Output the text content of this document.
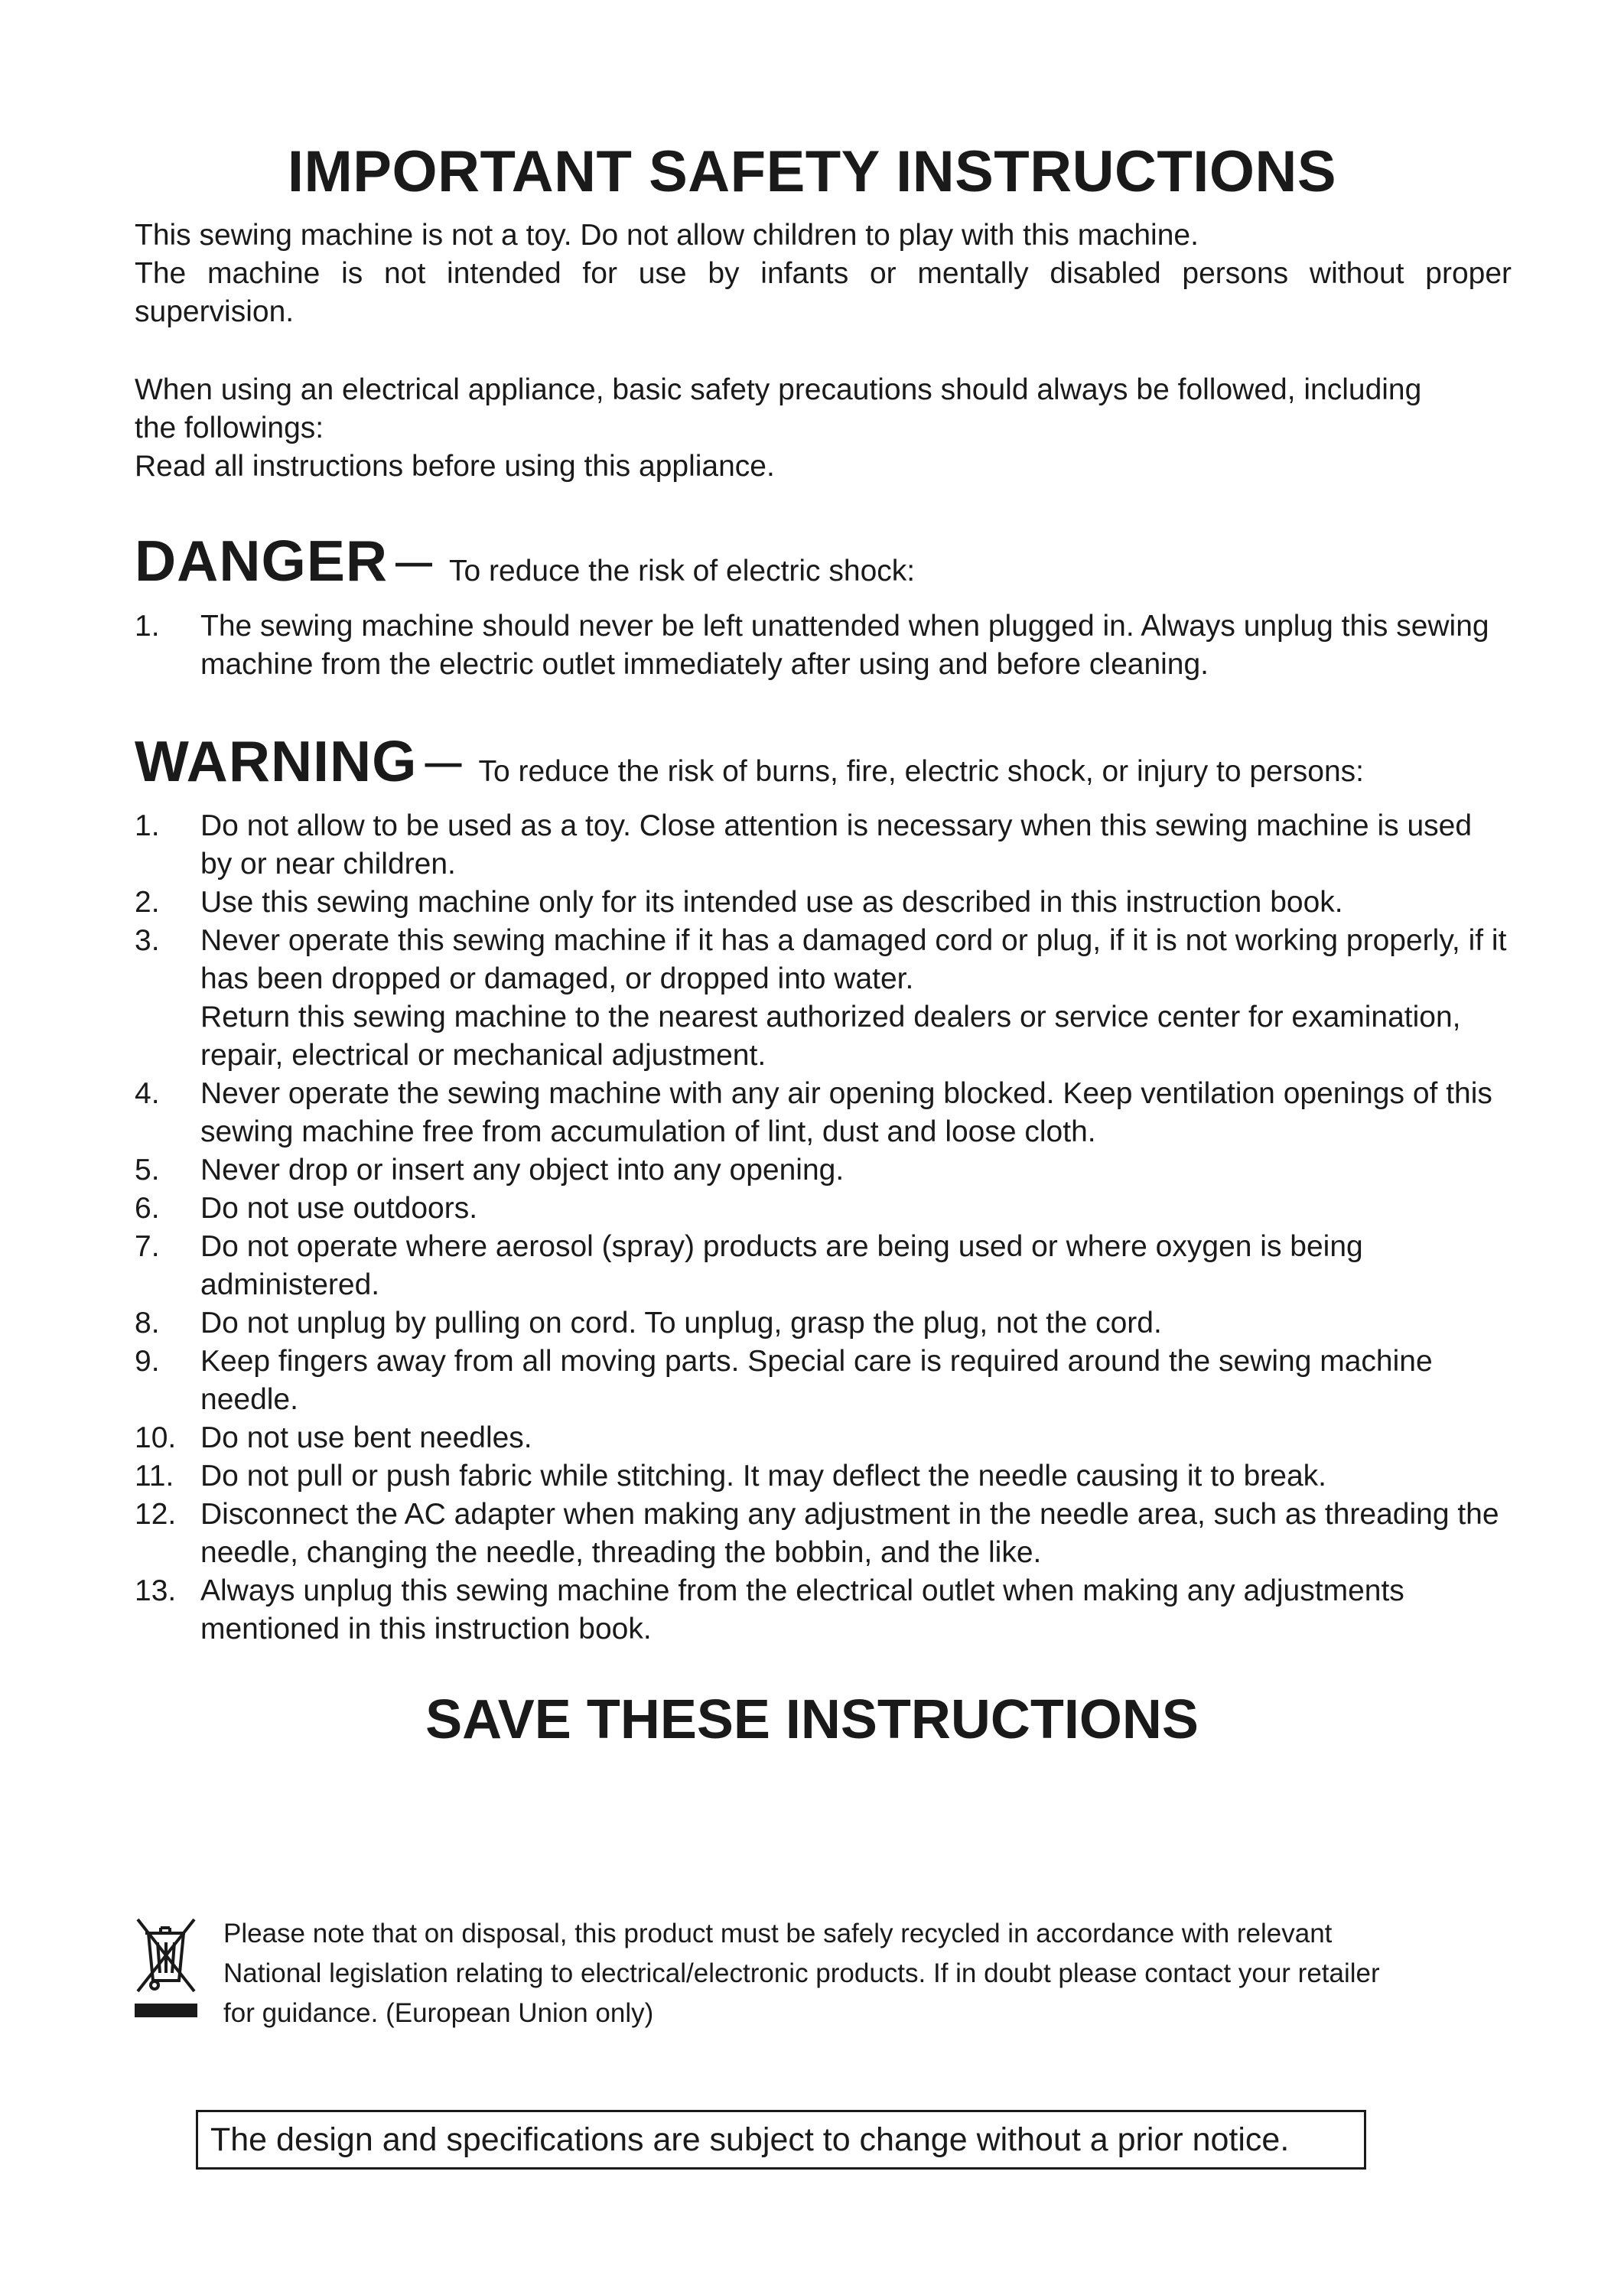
IMPORTANT SAFETY INSTRUCTIONS

This sewing machine is not a toy. Do not allow children to play with this machine.

The machine is not intended for use by infants or mentally disabled persons without proper

supervision.

When using an electrical appliance, basic safety precautions should always be followed, including

the followings:

Read all instructions before using this appliance.

DANGER — To reduce the risk of electric shock:
1. The sewing machine should never be left unattended when plugged in. Always unplug this sewing machine from the electric outlet immediately after using and before cleaning.
WARNING — To reduce the risk of burns, fire, electric shock, or injury to persons:
1. Do not allow to be used as a toy. Close attention is necessary when this sewing machine is used by or near children.
2. Use this sewing machine only for its intended use as described in this instruction book.
3. Never operate this sewing machine if it has a damaged cord or plug, if it is not working properly, if it has been dropped or damaged, or dropped into water.
Return this sewing machine to the nearest authorized dealers or service center for examination, repair, electrical or mechanical adjustment.
4. Never operate the sewing machine with any air opening blocked. Keep ventilation openings of this sewing machine free from accumulation of lint, dust and loose cloth.
5. Never drop or insert any object into any opening.
6. Do not use outdoors.
7. Do not operate where aerosol (spray) products are being used or where oxygen is being administered.
8. Do not unplug by pulling on cord. To unplug, grasp the plug, not the cord.
9. Keep fingers away from all moving parts. Special care is required around the sewing machine needle.
10. Do not use bent needles.
11. Do not pull or push fabric while stitching. It may deflect the needle causing it to break.
12. Disconnect the AC adapter when making any adjustment in the needle area, such as threading the needle, changing the needle, threading the bobbin, and the like.
13. Always unplug this sewing machine from the electrical outlet when making any adjustments mentioned in this instruction book.
SAVE THESE INSTRUCTIONS
Please note that on disposal, this product must be safely recycled in accordance with relevant
National legislation relating to electrical/electronic products. If in doubt please contact your retailer
for guidance. (European Union only)
The design and specifications are subject to change without a prior notice.
